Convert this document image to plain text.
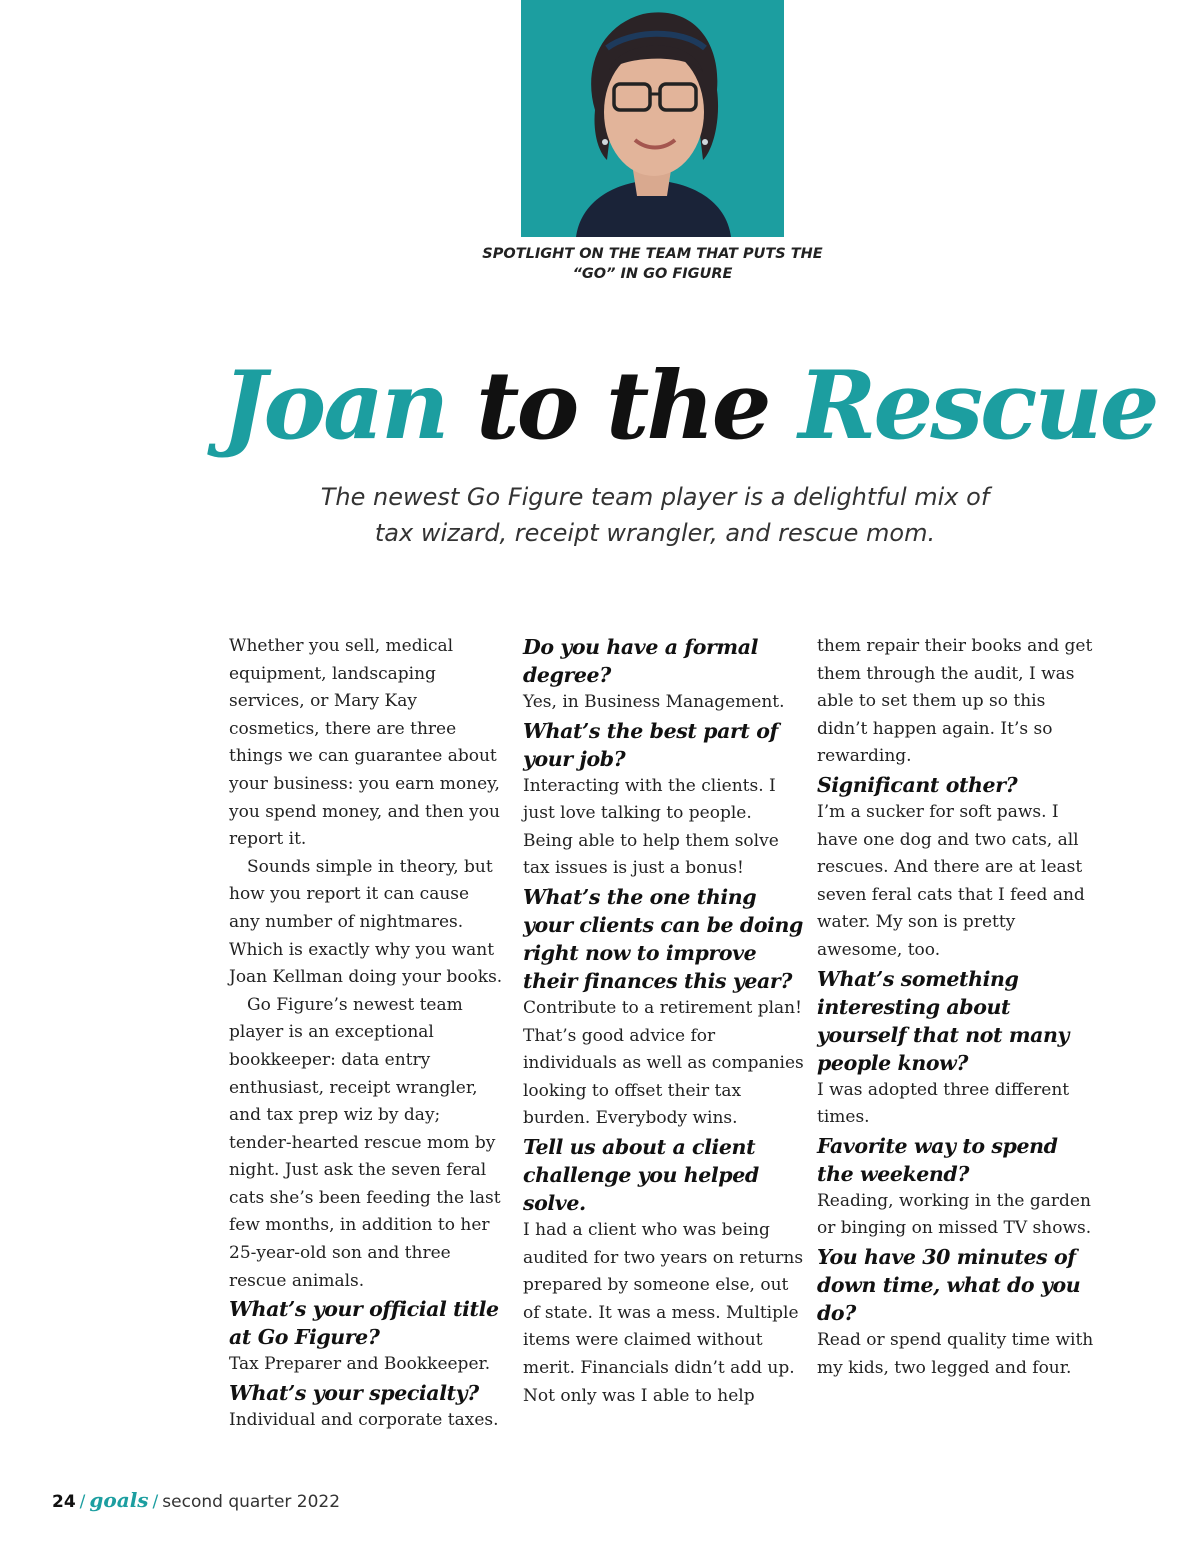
SPOTLIGHT ON THE TEAM THAT PUTS THE “GO” IN GO FIGURE
Joan to the Rescue
The newest Go Figure team player is a delightful mix of tax wizard, receipt wrangler, and rescue mom.

Whether you sell, medical equipment, landscaping services, or Mary Kay cosmetics, there are three things we can guarantee about your business: you earn money, you spend money, and then you report it.

Sounds simple in theory, but how you report it can cause any number of nightmares. Which is exactly why you want Joan Kellman doing your books.

Go Figure’s newest team player is an exceptional bookkeeper: data entry enthusiast, receipt wrangler, and tax prep wiz by day; tender-hearted rescue mom by night. Just ask the seven feral cats she’s been feeding the last few months, in addition to her 25-year-old son and three rescue animals.

What’s your official title at Go Figure?

Tax Preparer and Bookkeeper.

What’s your specialty?

Individual and corporate taxes.

Do you have a formal degree?

Yes, in Business Management.

What’s the best part of your job?

Interacting with the clients. I just love talking to people. Being able to help them solve tax issues is just a bonus!

What’s the one thing your clients can be doing right now to improve their finances this year?

Contribute to a retirement plan! That’s good advice for individuals as well as companies looking to offset their tax burden. Everybody wins.

Tell us about a client challenge you helped solve.

I had a client who was being audited for two years on returns prepared by someone else, out of state. It was a mess. Multiple items were claimed without merit. Financials didn’t add up. Not only was I able to help

them repair their books and get them through the audit, I was able to set them up so this didn’t happen again. It’s so rewarding.

Significant other?

I’m a sucker for soft paws. I have one dog and two cats, all rescues. And there are at least seven feral cats that I feed and water. My son is pretty awesome, too.

What’s something interesting about yourself that not many people know?

I was adopted three different times.

Favorite way to spend the weekend?

Reading, working in the garden or binging on missed TV shows.

You have 30 minutes of down time, what do you do?

Read or spend quality time with my kids, two legged and four.

24 / goals / second quarter 2022
